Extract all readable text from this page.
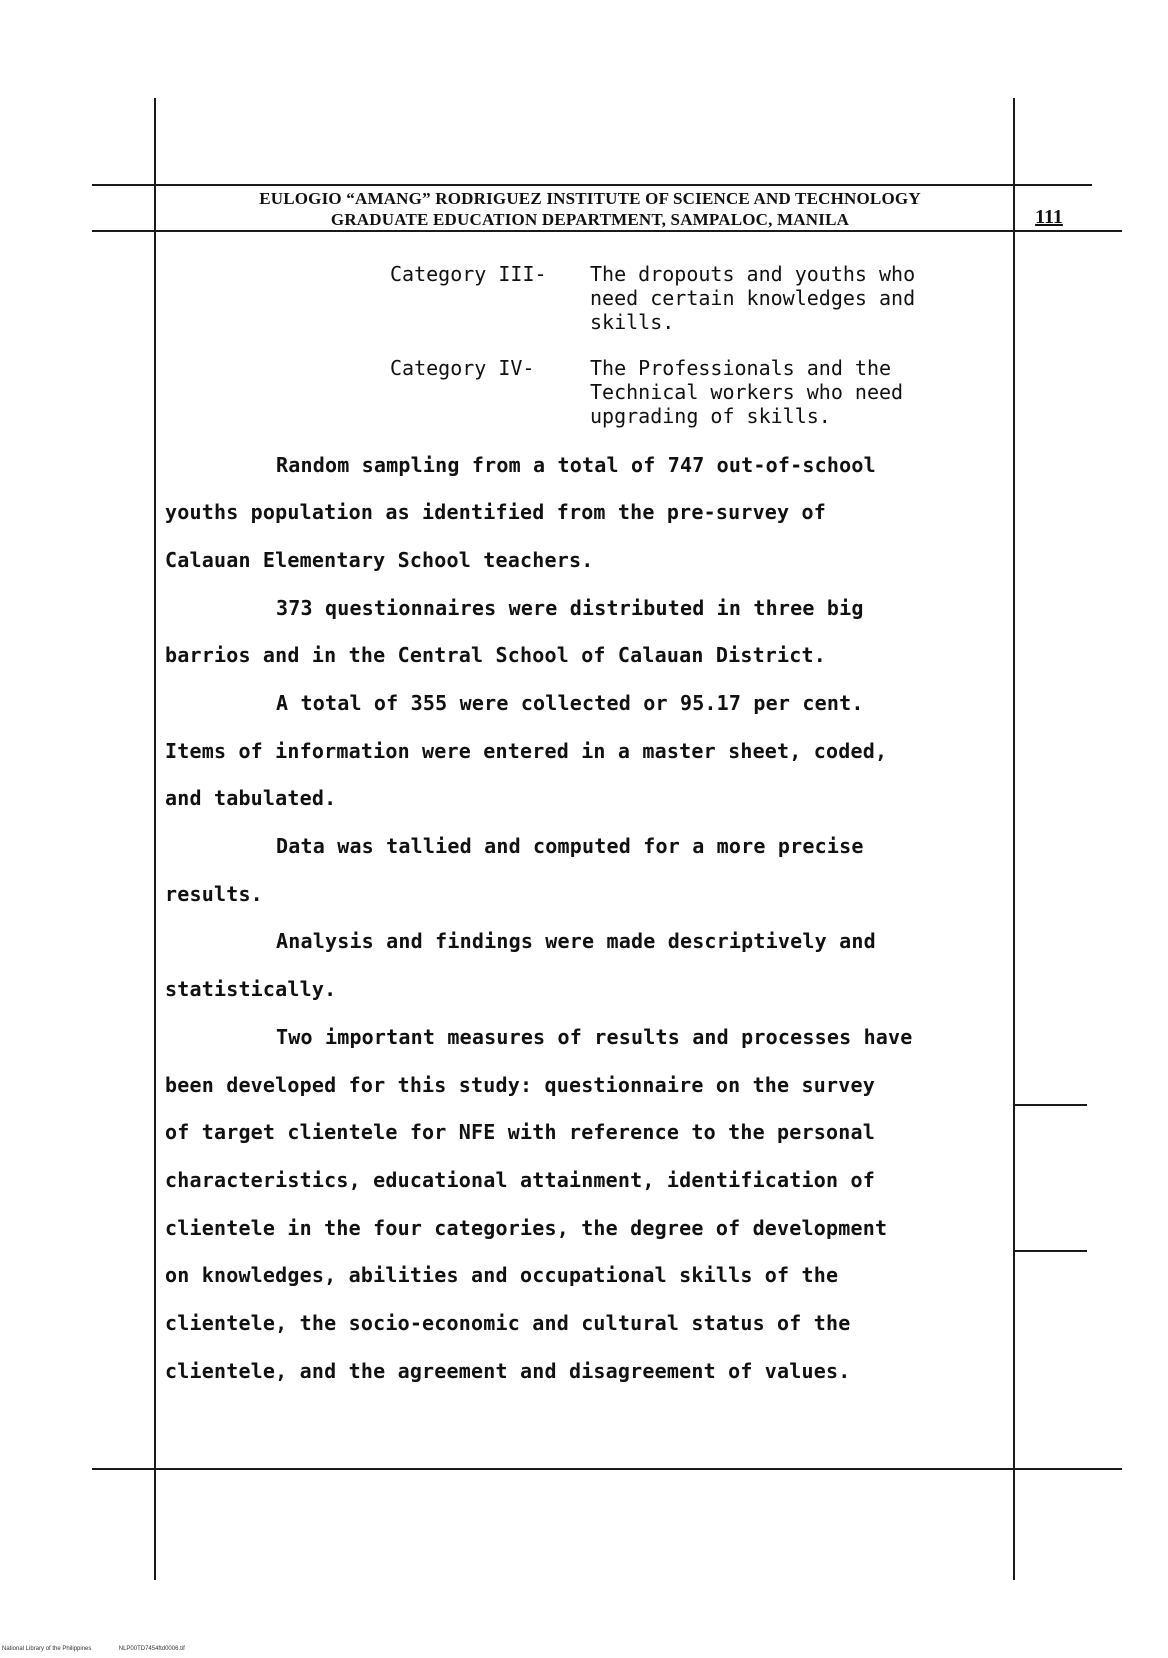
EULOGIO “AMANG” RODRIGUEZ INSTITUTE OF SCIENCE AND TECHNOLOGY
GRADUATE EDUCATION DEPARTMENT, SAMPALOC, MANILA	111
Category III- The dropouts and youths who
need certain knowledges and
skills.
Category IV-	The Professionals and the
Technical workers who need
upgrading of skills.
Random sampling from a total of 747 out-of-school
youths population as identified from the pre-survey of
Calauan Elementary School teachers.
373 questionnaires were distributed in three big
barrios and in the Central School of Calauan District.
A total of 355 were collected or 95.17 per cent.
Items of information were entered in a master sheet, coded,
and tabulated.
Data was tallied and computed for a more precise
results.
Analysis and findings were made descriptively and
statistically.
Two important measures of results and processes have
been developed for this study: questionnaire on the survey
of target clientele for NFE with reference to the personal
characteristics, educational attainment, identification of
clientele in the four categories, the degree of development
on knowledges, abilities and occupational skills of the
clientele, the socio-economic and cultural status of the
clientele, and the agreement and disagreement of values.
National Library of the Philippines	NLP00TD7454ftd0006.tif
